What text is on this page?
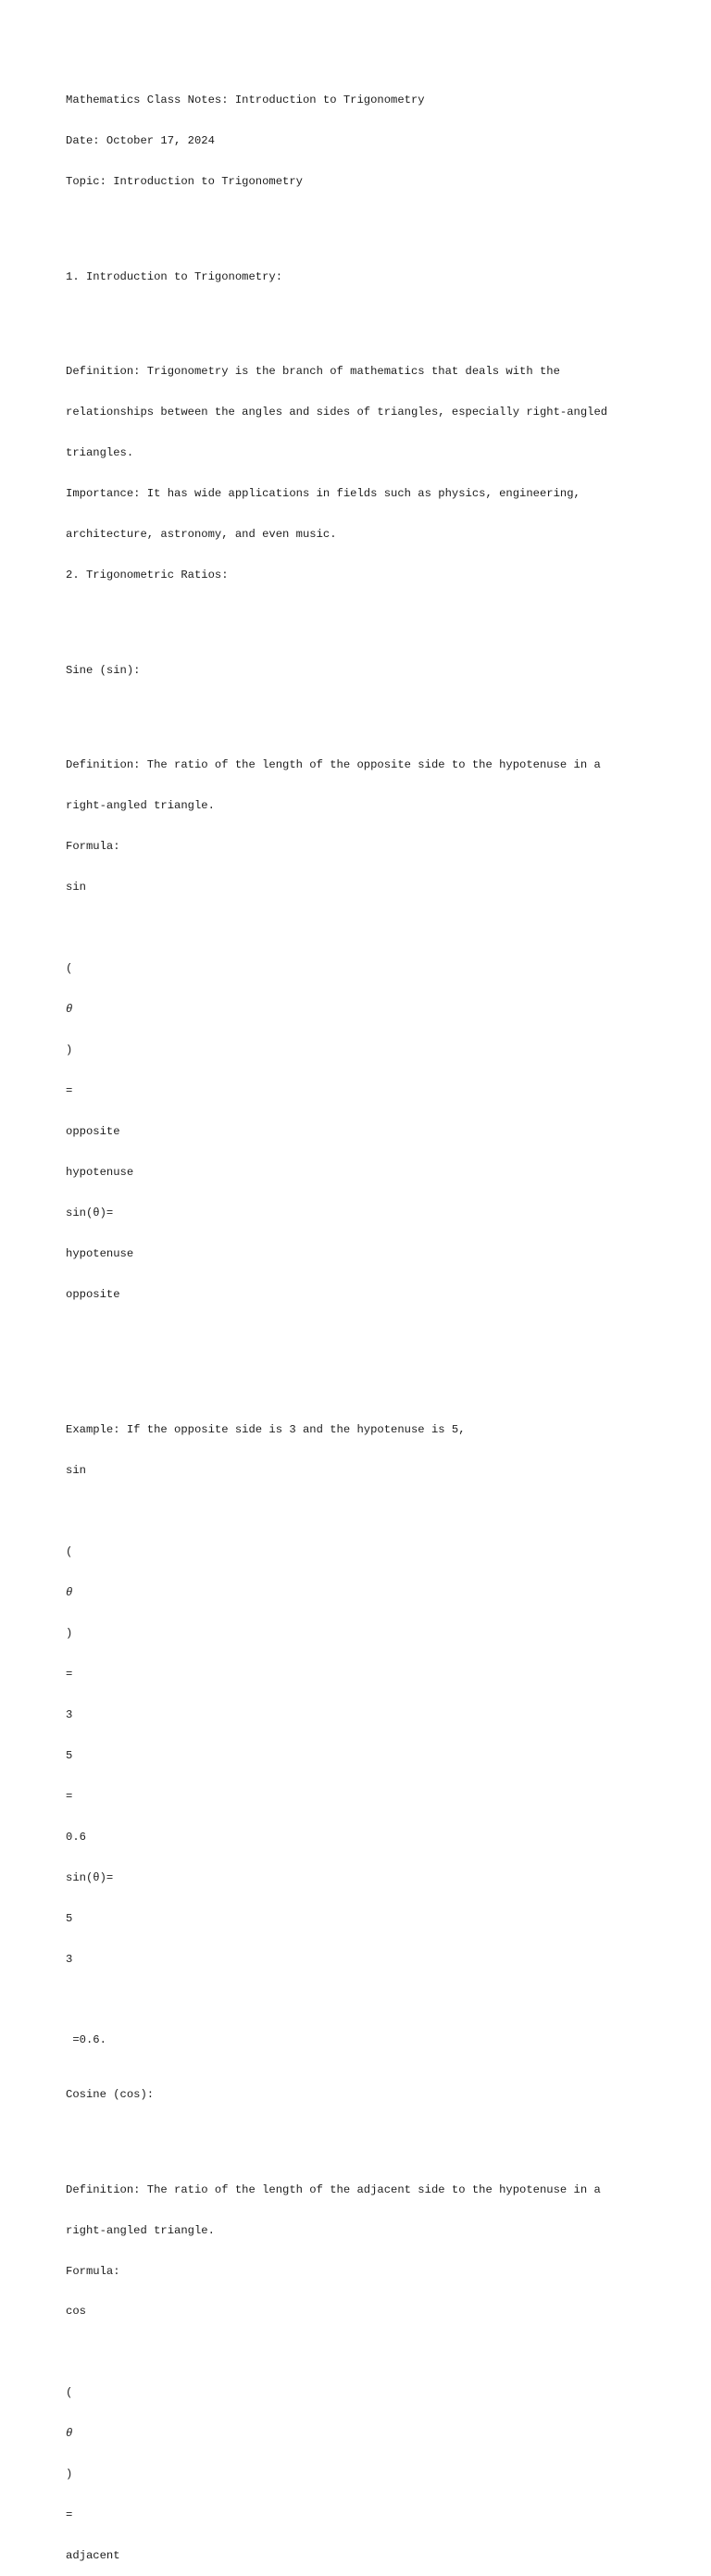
Mathematics Class Notes: Introduction to Trigonometry

Date: October 17, 2024

Topic: Introduction to Trigonometry

1. Introduction to Trigonometry:

Definition: Trigonometry is the branch of mathematics that deals with the

relationships between the angles and sides of triangles, especially right-angled

triangles.

Importance: It has wide applications in fields such as physics, engineering,

architecture, astronomy, and even music.

2. Trigonometric Ratios:

Sine (sin):

Definition: The ratio of the length of the opposite side to the hypotenuse in a

right-angled triangle.

Formula:

sin

(

θ

)

=

opposite

hypotenuse

sin(θ)=

hypotenuse

opposite

Example: If the opposite side is 3 and the hypotenuse is 5,

sin

(

θ

)

=

3

5

=

0.6

sin(θ)=

5

3

=0.6.

Cosine (cos):

Definition: The ratio of the length of the adjacent side to the hypotenuse in a

right-angled triangle.

Formula:

cos

(

θ

)

=

adjacent
